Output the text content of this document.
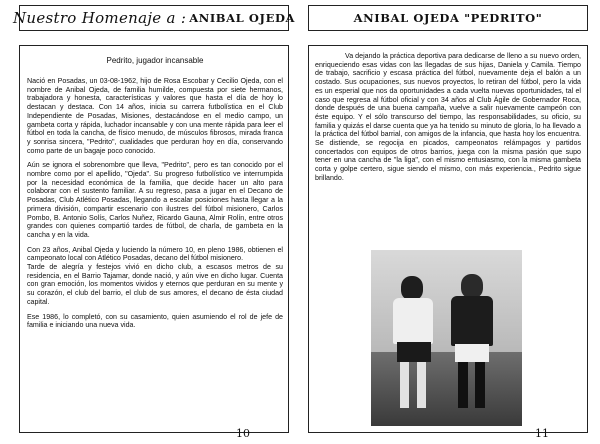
Nuestro Homenaje a : ANIBAL OJEDA
Pedrito, jugador incansable

Nació en Posadas, un 03-08-1962, hijo de Rosa Escobar y Cecilio Ojeda, con el nombre de Anibal Ojeda, de familia humilde, compuesta por siete hermanos, trabajadora y honesta, características y valores que hasta el día de hoy lo destacan y destaca. Con 14 años, inicia su carrera futbolística en el Club Independiente de Posadas, Misiones, destacándose en el medio campo, un gambeta corta y rápida, luchador incansable y con una mente rápida para leer el fútbol en toda la cancha, de físico menudo, de músculos fibrosos, mirada franca y sonrisa sincera, "Pedrito", cualidades que perduran hoy en día, conservando como parte de un bagaje poco conocido.

Aún se ignora el sobrenombre que lleva, "Pedrito", pero es tan conocido por el nombre como por el apellido, "Ojeda". Su progreso futbolístico ve interrumpida por la necesidad económica de la familia, que decide hacer un alto para colaborar con el sustento familiar. A su regreso, pasa a jugar en el Decano de Posadas, Club Atlético Posadas, llegando a escalar posiciones hasta llegar a la primera división, compartir escenario con ilustres del fútbol misionero, Carlos Pombo, B. Antonio Solís, Carlos Nuñez, Ricardo Gauna, Almir Rolín, entre otros grandes con quienes compartió tardes de fútbol, de charla, de gambeta en la cancha y en la vida.

Con 23 años, Anibal Ojeda y luciendo la número 10, en pleno 1986, obtienen el campeonato local con Atlético Posadas, decano del fútbol misionero.

Tarde de alegría y festejos vivió en dicho club, a escasos metros de su residencia, en el Barrio Tajamar, donde nació, y aún vive en dicho lugar. Cuenta con gran emoción, los momentos vividos y eternos que perduran en su mente y su corazón, el club del barrio, el club de sus amores, el decano de ésta ciudad capital.

Ese 1986, lo completó, con su casamiento, quien asumiendo el rol de jefe de familia e iniciando una nueva vida.

10
ANIBAL OJEDA "PEDRITO"

Va dejando la práctica deportiva para dedicarse de lleno a su nuevo orden, enriqueciendo esas vidas con las llegadas de sus hijas, Daniela y Camila. Tiempo de trabajo, sacrificio y escasa práctica del fútbol, nuevamente deja el balón a un costado. Sus ocupaciones, sus nuevos proyectos, lo retiran del fútbol, pero la vida es un esperial que nos da oportunidades a cada vuelta nuevas oportunidades, tal el caso que regresa al fútbol oficial y con 34 años al Club Ágile de Gobernador Roca, donde después de una buena campaña, vuelve a salir nuevamente campeón con éste equipo. Y el sólo transcurso del tiempo, las responsabilidades, su oficio, su familia y quizás el darse cuenta que ya ha tenido su minuto de gloria, lo ha llevado a la práctica del fútbol barrial, con amigos de la infancia, que hasta hoy los encuentra. Se distiende, se regocija en picados, campeonatos relámpagos y partidos concertados con equipos de otros barrios, juega con la misma pasión que supo tener en una cancha de "la liga", con el mismo entusiasmo, con la misma gambeta corta y golpe certero, sigue siendo el mismo, con más experiencia., Pedrito sigue brillando.

11
